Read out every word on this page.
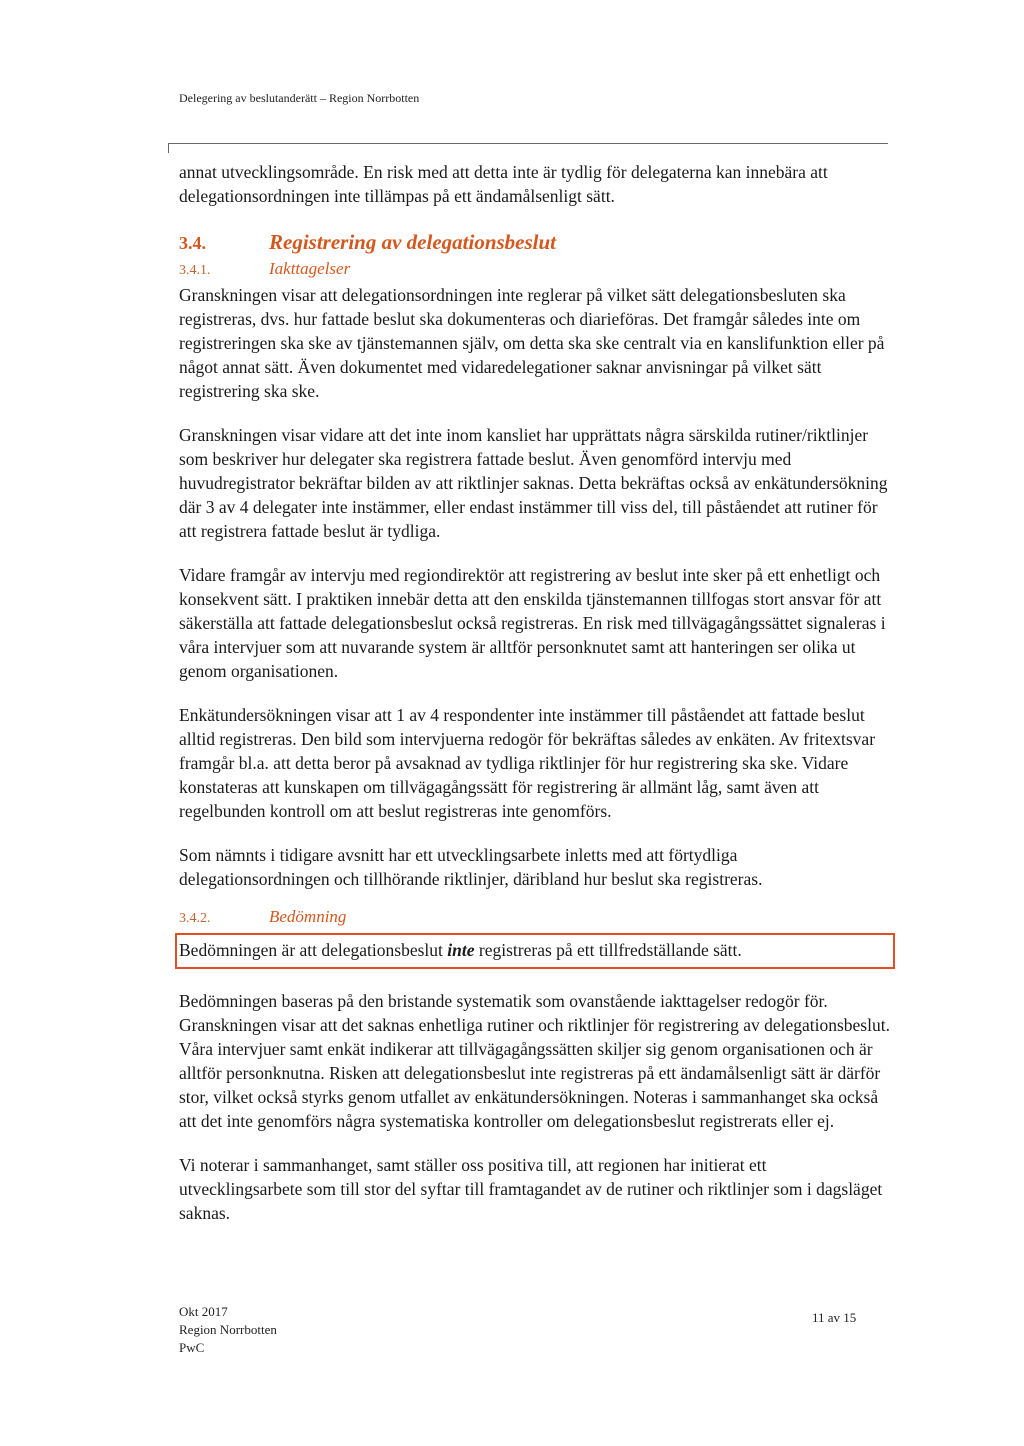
Delegering av beslutanderätt – Region Norrbotten

annat utvecklingsområde. En risk med att detta inte är tydlig för delegaterna kan innebära att delegationsordningen inte tillämpas på ett ändamålsenligt sätt.

3.4.	Registrering av delegationsbeslut
3.4.1.	Iakttagelser

Granskningen visar att delegationsordningen inte reglerar på vilket sätt delegationsbesluten ska registreras, dvs. hur fattade beslut ska dokumenteras och diarieföras. Det framgår således inte om registreringen ska ske av tjänstemannen själv, om detta ska ske centralt via en kanslifunktion eller på något annat sätt. Även dokumentet med vidaredelegationer saknar anvisningar på vilket sätt registrering ska ske.

Granskningen visar vidare att det inte inom kansliet har upprättats några särskilda rutiner/riktlinjer som beskriver hur delegater ska registrera fattade beslut. Även genomförd intervju med huvudregistrator bekräftar bilden av att riktlinjer saknas. Detta bekräftas också av enkätundersökning där 3 av 4 delegater inte instämmer, eller endast instämmer till viss del, till påståendet att rutiner för att registrera fattade beslut är tydliga.

Vidare framgår av intervju med regiondirektör att registrering av beslut inte sker på ett enhetligt och konsekvent sätt. I praktiken innebär detta att den enskilda tjänstemannen tillfogas stort ansvar för att säkerställa att fattade delegationsbeslut också registreras. En risk med tillvägagångssättet signaleras i våra intervjuer som att nuvarande system är alltför personknutet samt att hanteringen ser olika ut genom organisationen.

Enkätundersökningen visar att 1 av 4 respondenter inte instämmer till påståendet att fattade beslut alltid registreras. Den bild som intervjuerna redogör för bekräftas således av enkäten. Av fritextsvar framgår bl.a. att detta beror på avsaknad av tydliga riktlinjer för hur registrering ska ske. Vidare konstateras att kunskapen om tillvägagångssätt för registrering är allmänt låg, samt även att regelbunden kontroll om att beslut registreras inte genomförs.

Som nämnts i tidigare avsnitt har ett utvecklingsarbete inletts med att förtydliga delegationsordningen och tillhörande riktlinjer, däribland hur beslut ska registreras.

3.4.2.	Bedömning
Bedömningen är att delegationsbeslut inte registreras på ett tillfredställande sätt.

Bedömningen baseras på den bristande systematik som ovanstående iakttagelser redogör för. Granskningen visar att det saknas enhetliga rutiner och riktlinjer för registrering av delegationsbeslut. Våra intervjuer samt enkät indikerar att tillvägagångssätten skiljer sig genom organisationen och är alltför personknutna. Risken att delegationsbeslut inte registreras på ett ändamålsenligt sätt är därför stor, vilket också styrks genom utfallet av enkätundersökningen. Noteras i sammanhanget ska också att det inte genomförs några systematiska kontroller om delegationsbeslut registrerats eller ej.

Vi noterar i sammanhanget, samt ställer oss positiva till, att regionen har initierat ett utvecklingsarbete som till stor del syftar till framtagandet av de rutiner och riktlinjer som i dagsläget saknas.

Okt 2017
Region Norrbotten
PwC
11 av 15
